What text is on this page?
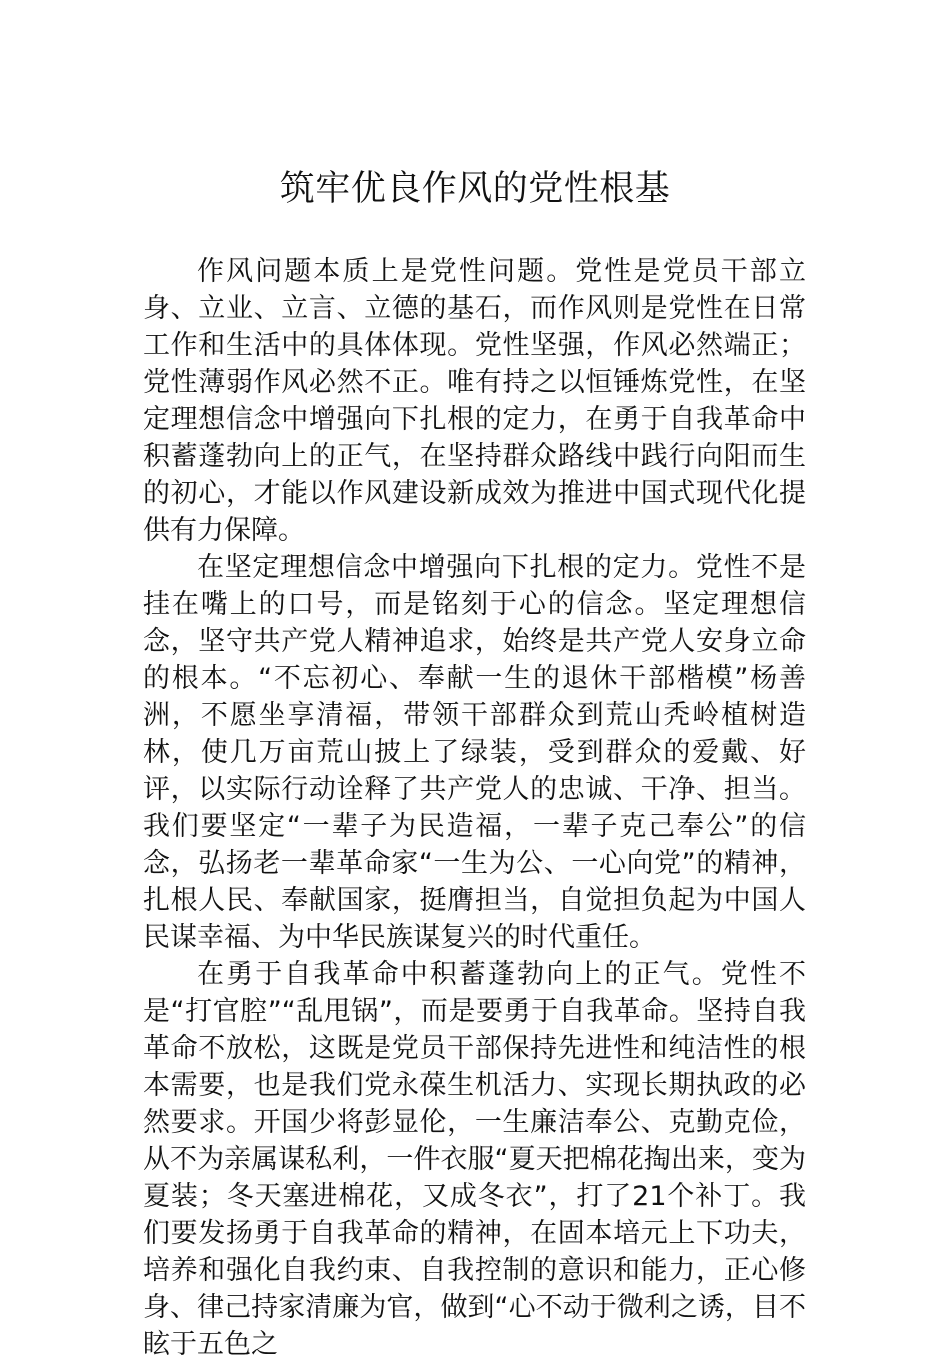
筑牢优良作风的党性根基

作风问题本质上是党性问题。党性是党员干部立身、立业、立言、立德的基石，而作风则是党性在日常工作和生活中的具体体现。党性坚强，作风必然端正；党性薄弱作风必然不正。唯有持之以恒锤炼党性，在坚定理想信念中增强向下扎根的定力，在勇于自我革命中积蓄蓬勃向上的正气，在坚持群众路线中践行向阳而生的初心，才能以作风建设新成效为推进中国式现代化提供有力保障。

在坚定理想信念中增强向下扎根的定力。党性不是挂在嘴上的口号，而是铭刻于心的信念。坚定理想信念，坚守共产党人精神追求，始终是共产党人安身立命的根本。“不忘初心、奉献一生的退休干部楷模”杨善洲，不愿坐享清福，带领干部群众到荒山秃岭植树造林，使几万亩荒山披上了绿装，受到群众的爱戴、好评，以实际行动诠释了共产党人的忠诚、干净、担当。我们要坚定“一辈子为民造福，一辈子克己奉公”的信念，弘扬老一辈革命家“一生为公、一心向党”的精神，扎根人民、奉献国家，挺膺担当，自觉担负起为中国人民谋幸福、为中华民族谋复兴的时代重任。

在勇于自我革命中积蓄蓬勃向上的正气。党性不是“打官腔”“乱甩锅”，而是要勇于自我革命。坚持自我革命不放松，这既是党员干部保持先进性和纯洁性的根本需要，也是我们党永葆生机活力、实现长期执政的必然要求。开国少将彭显伦，一生廉洁奉公、克勤克俭，从不为亲属谋私利，一件衣服“夏天把棉花掏出来，变为夏装；冬天塞进棉花，又成冬衣”，打了21个补丁。我们要发扬勇于自我革命的精神，在固本培元上下功夫，培养和强化自我约束、自我控制的意识和能力，正心修身、律己持家清廉为官，做到“心不动于微利之诱，目不眩于五色之
